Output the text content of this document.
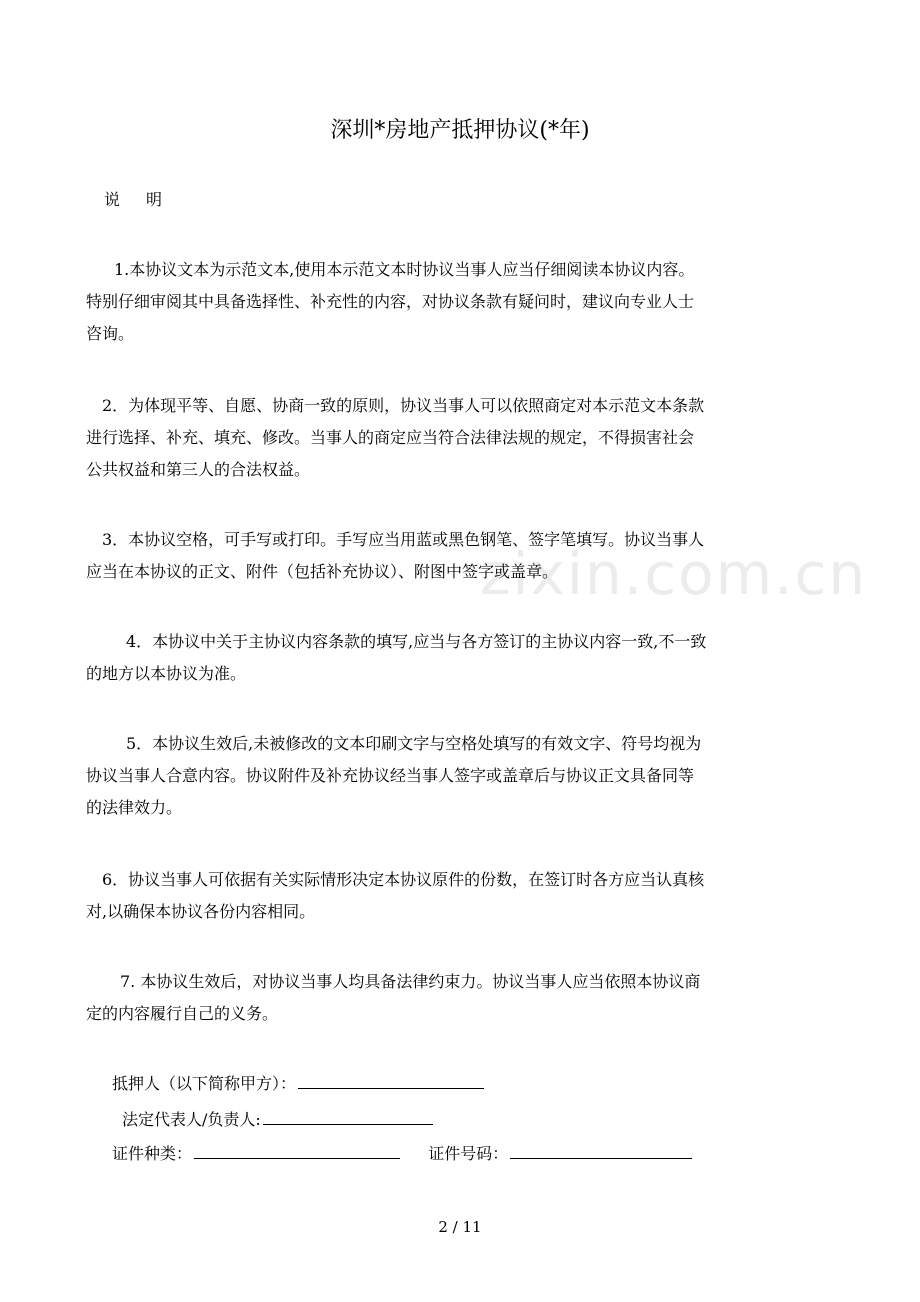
zixin.com.cn
深圳*房地产抵押协议(*年)
说 明
1.本协议文本为示范文本,使用本示范文本时协议当事人应当仔细阅读本协议内容。
特别仔细审阅其中具备选择性、补充性的内容，对协议条款有疑问时，建议向专业人士
咨询。
2．为体现平等、自愿、协商一致的原则，协议当事人可以依照商定对本示范文本条款
进行选择、补充、填充、修改。当事人的商定应当符合法律法规的规定，不得损害社会
公共权益和第三人的合法权益。
3．本协议空格，可手写或打印。手写应当用蓝或黑色钢笔、签字笔填写。协议当事人
应当在本协议的正文、附件（包括补充协议）、附图中签字或盖章。
4．本协议中关于主协议内容条款的填写,应当与各方签订的主协议内容一致,不一致
的地方以本协议为准。
5．本协议生效后,未被修改的文本印刷文字与空格处填写的有效文字、符号均视为
协议当事人合意内容。协议附件及补充协议经当事人签字或盖章后与协议正文具备同等
的法律效力。
6．协议当事人可依据有关实际情形决定本协议原件的份数，在签订时各方应当认真核
对,以确保本协议各份内容相同。
7. 本协议生效后，对协议当事人均具备法律约束力。协议当事人应当依照本协议商
定的内容履行自己的义务。
抵押人（以下简称甲方）：
法定代表人/负责人:
证件种类：	证件号码：
2 / 11
